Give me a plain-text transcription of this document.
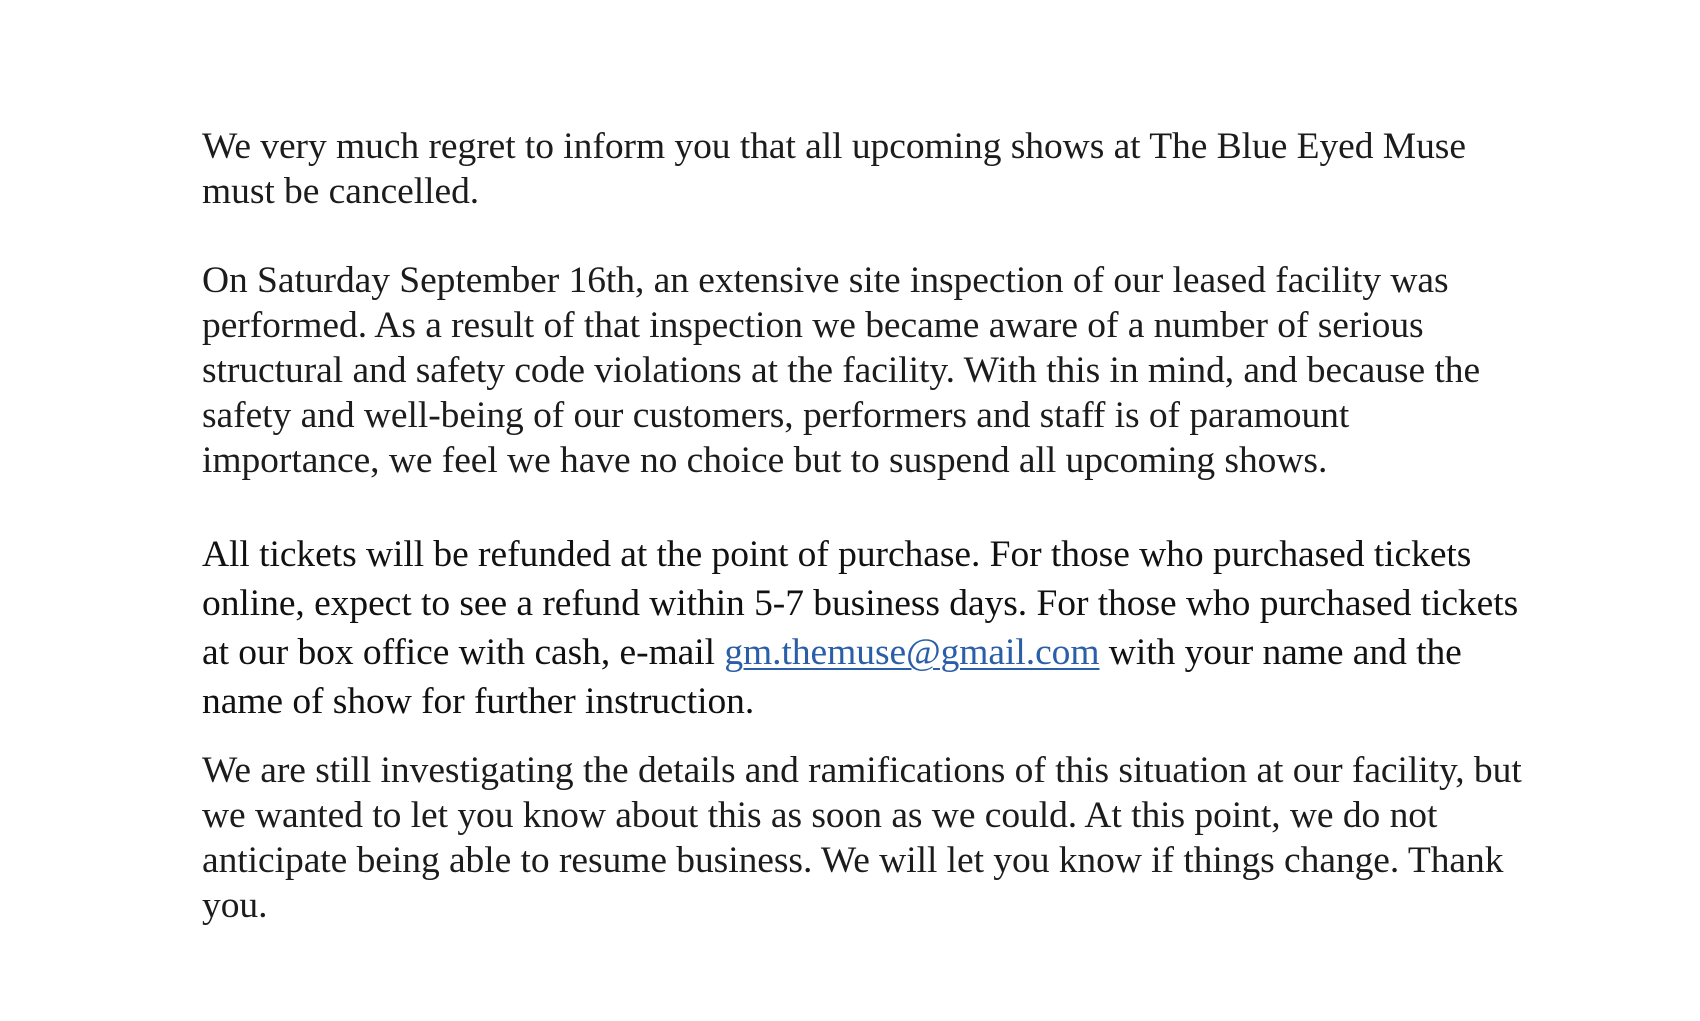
We very much regret to inform you that all upcoming shows at The Blue Eyed Muse must be cancelled.

On Saturday September 16th, an extensive site inspection of our leased facility was performed. As a result of that inspection we became aware of a number of serious structural and safety code violations at the facility. With this in mind, and because the safety and well-being of our customers, performers and staff is of paramount importance, we feel we have no choice but to suspend all upcoming shows.

All tickets will be refunded at the point of purchase. For those who purchased tickets online, expect to see a refund within 5-7 business days. For those who purchased tickets at our box office with cash, e-mail gm.themuse@gmail.com with your name and the name of show for further instruction.

We are still investigating the details and ramifications of this situation at our facility, but we wanted to let you know about this as soon as we could. At this point, we do not anticipate being able to resume business. We will let you know if things change. Thank you.
